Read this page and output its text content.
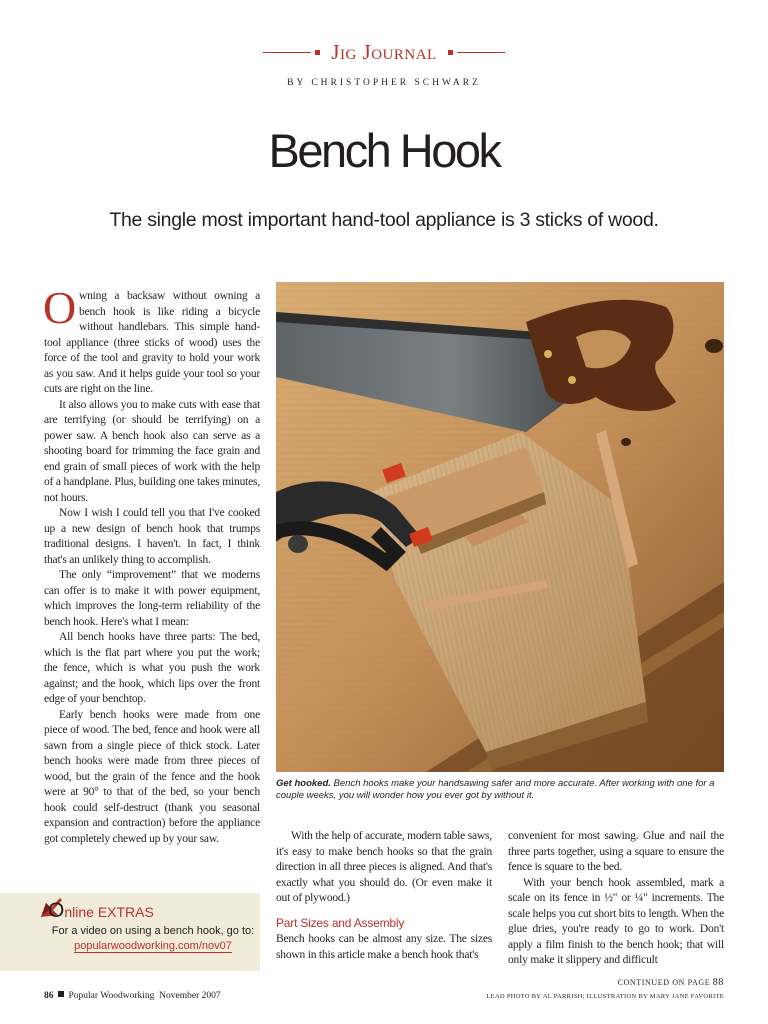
Jig Journal
BY CHRISTOPHER SCHWARZ
Bench Hook
The single most important hand-tool appliance is 3 sticks of wood.

Owning a backsaw without owning a bench hook is like riding a bicycle without handlebars. This simple hand-tool appliance (three sticks of wood) uses the force of the tool and gravity to hold your work as you saw. And it helps guide your tool so your cuts are right on the line.

It also allows you to make cuts with ease that are terrifying (or should be terrifying) on a power saw. A bench hook also can serve as a shooting board for trimming the face grain and end grain of small pieces of work with the help of a handplane. Plus, building one takes minutes, not hours.

Now I wish I could tell you that I've cooked up a new design of bench hook that trumps traditional designs. I haven't. In fact, I think that's an unlikely thing to accomplish.

The only “improvement” that we moderns can offer is to make it with power equipment, which improves the long-term reliability of the bench hook. Here's what I mean:

All bench hooks have three parts: The bed, which is the flat part where you put the work; the fence, which is what you push the work against; and the hook, which lips over the front edge of your benchtop.

Early bench hooks were made from one piece of wood. The bed, fence and hook were all sawn from a single piece of thick stock. Later bench hooks were made from three pieces of wood, but the grain of the fence and the hook were at 90° to that of the bed, so your bench hook could self-destruct (thank you seasonal expansion and contraction) before the appliance got completely chewed up by your saw.

Get hooked. Bench hooks make your handsawing safer and more accurate. After working with one for a couple weeks, you will wonder how you ever got by without it.

With the help of accurate, modern table saws, it's easy to make bench hooks so that the grain direction in all three pieces is aligned. And that's exactly what you should do. (Or even make it out of plywood.)

Part Sizes and Assembly

Bench hooks can be almost any size. The sizes shown in this article make a bench hook that's

convenient for most sawing. Glue and nail the three parts together, using a square to ensure the fence is square to the bed.

With your bench hook assembled, mark a scale on its fence in ½" or ¼" increments. The scale helps you cut short bits to length. When the glue dries, you're ready to go to work. Don't apply a film finish to the bench hook; that will only make it slippery and difficult

CONTINUED ON PAGE 88
Online EXTRAS
For a video on using a bench hook, go to:
popularwoodworking.com/nov07
86 Popular Woodworking November 2007	LEAD PHOTO BY AL PARRISH; ILLUSTRATION BY MARY JANE FAVORITE
